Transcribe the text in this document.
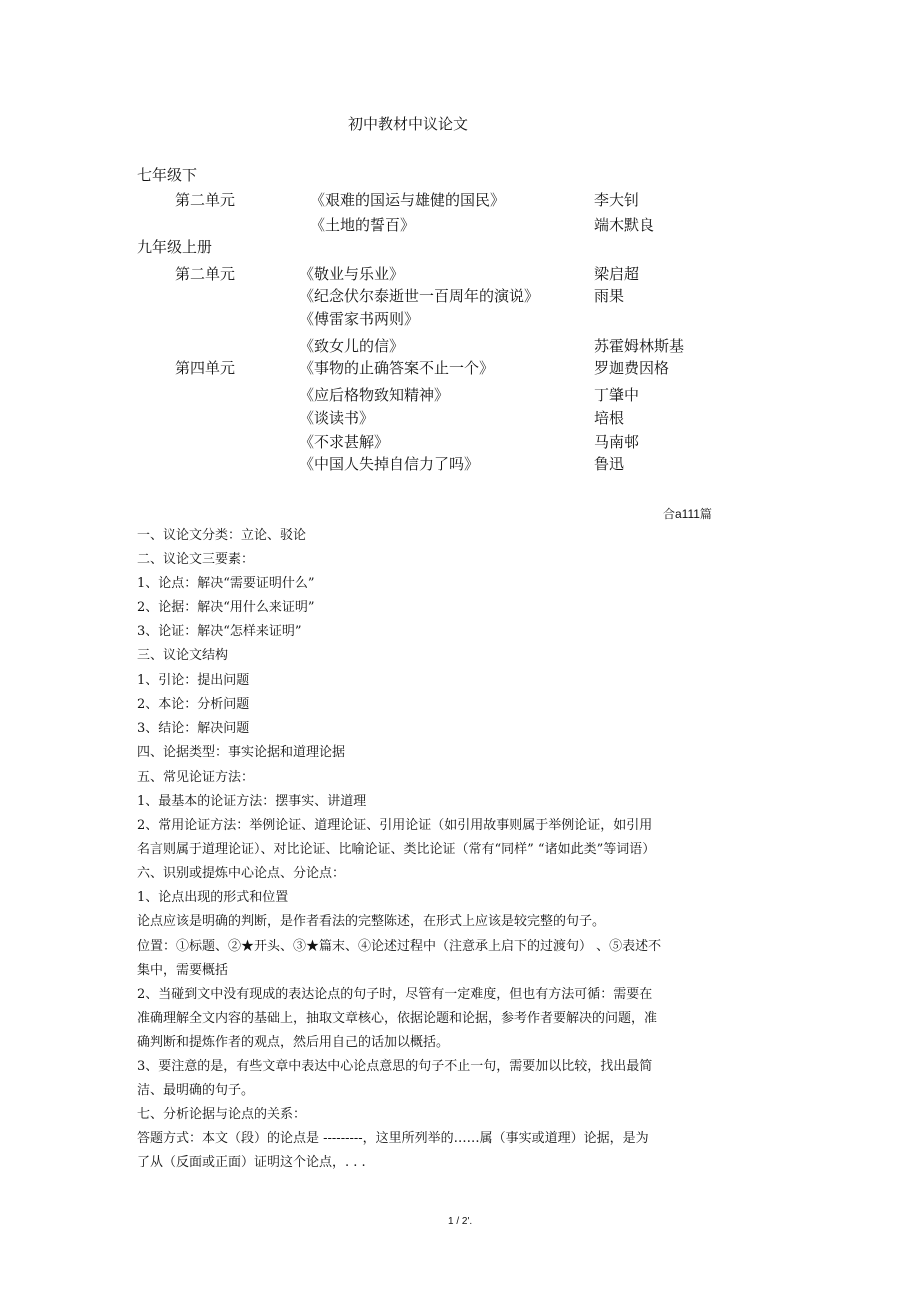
初中教材中议论文
七年级下
第二单元	《艰难的国运与雄健的国民》	李大钊
《土地的誓百》	端木默良
九年级上册
第二单元	《敬业与乐业》	梁启超
《纪念伏尔泰逝世一百周年的演说》	雨果
《傅雷家书两则》
《致女儿的信》	苏霍姆林斯基
第四单元	《事物的止确答案不止一个》	罗迦费因格
《应后格物致知精神》	丁肇中
《谈读书》	培根
《不求甚解》	马南邨
《中国人失掉自信力了吗》	鲁迅
合a111篇
一、议论文分类：立论、驳论
二、议论文三要素：
1、论点：解决“需要证明什么”
2、论据：解决“用什么来证明”
3、论证：解决“怎样来证明”
三、议论文结构
1、引论：提出问题
2、本论：分析问题
3、结论：解决问题
四、论据类型：事实论据和道理论据
五、常见论证方法：
1、最基本的论证方法：摆事实、讲道理
2、常用论证方法：举例论证、道理论证、引用论证（如引用故事则属于举例论证，如引用
名言则属于道理论证）、对比论证、比喻论证、类比论证（常有“同样” “诸如此类”等词语）
六、识别或提炼中心论点、分论点：
1、论点出现的形式和位置
论点应该是明确的判断，是作者看法的完整陈述，在形式上应该是较完整的句子。
位置：①标题、②★开头、③★篇末、④论述过程中（注意承上启下的过渡句） 、⑤表述不
集中，需要概括
2、当碰到文中没有现成的表达论点的句子时，尽管有一定难度，但也有方法可循：需要在
准确理解全文内容的基础上，抽取文章核心，依据论题和论据，参考作者要解决的问题，准
确判断和提炼作者的观点，然后用自己的话加以概括。
3、要注意的是，有些文章中表达中心论点意思的句子不止一句，需要加以比较，找出最简
洁、最明确的句子。
七、分析论据与论点的关系：
答题方式：本文（段）的论点是 ---------，这里所列举的……属（事实或道理）论据，是为
了从（反面或正面）证明这个论点，. . .
1 / 2'.
